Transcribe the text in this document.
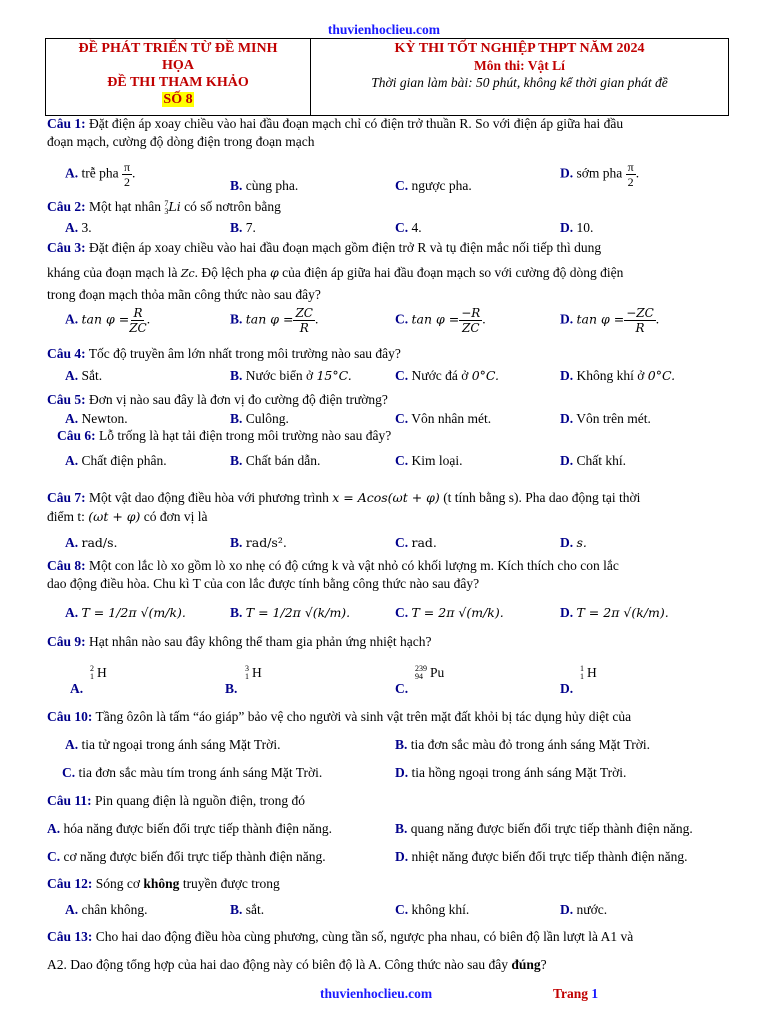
thuvienhoclieu.com
ĐỀ PHÁT TRIỂN TỪ ĐỀ MINH
HỌA
ĐỀ THI THAM KHẢO
SỐ 8
KỲ THI TỐT NGHIỆP THPT NĂM 2024
Môn thi: Vật Lí
Thời gian làm bài: 50 phút, không kể thời gian phát đề
Câu 1: Đặt điện áp xoay chiều vào hai đầu đoạn mạch chỉ có điện trở thuần R. So với điện áp giữa hai đầu
đoạn mạch, cường độ dòng điện trong đoạn mạch
A. trễ pha $\frac{\pi}{2}$ .
B. cùng pha.	C. ngược pha.
D. sớm pha $\frac{\pi}{2}$ .
Câu 2: Một hạt nhân 7
3 Li có số nơtrôn bằng
A. 3.	B. 7.	C. 4.	D. 10.
Câu 3: Đặt điện áp xoay chiều vào hai đầu đoạn mạch gồm điện trở R và tụ điện mắc nối tiếp thì dung
kháng của đoạn mạch là Zc. Độ lệch pha φ của điện áp giữa hai đầu đoạn mạch so với cường độ dòng điện
trong đoạn mạch thỏa mãn công thức nào sau đây?
A. $\tan \varphi = \frac{R}{ZC}$ .	B. $\tan \varphi = \frac{ZC}{R}$ .	C. $\tan \varphi = \frac{-R}{ZC}$ .	D. $\tan \varphi = \frac{-ZC}{R}$ .
Câu 4: Tốc độ truyền âm lớn nhất trong môi trường nào sau đây?
A. Sắt.	B. Nước biển ở 15°C.	C. Nước đá ở 0°C.	D. Không khí ở 0°C.
Câu 5: Đơn vị nào sau đây là đơn vị đo cường độ điện trường?
A. Newton.	B. Culông.	C. Vôn nhân mét.	D. Vôn trên mét.
Câu 6: Lỗ trống là hạt tải điện trong môi trường nào sau đây?
A. Chất điện phân.	B. Chất bán dẫn.	C. Kim loại.	D. Chất khí.
Câu 7: Một vật dao động điều hòa với phương trình x = Acos(ωt + φ) (t tính bằng s). Pha dao động tại thời
điểm t: (ωt + φ) có đơn vị là
A. rad/s.	B. rad/s².	C. rad.	D. s.
Câu 8: Một con lắc lò xo gồm lò xo nhẹ có độ cứng k và vật nhỏ có khối lượng m. Kích thích cho con lắc
dao động điều hòa. Chu kì T của con lắc được tính bằng công thức nào sau đây?
A. T = 1/2π √(m/k).	B. T = 1/2π √(k/m).	C. T = 2π √(m/k).	D. T = 2π √(k/m).
Câu 9: Hạt nhân nào sau đây không thể tham gia phản ứng nhiệt hạch?
2
1 H
A.
3
1 H
B.
239
94 Pu
C.
1
1 H
D.
Câu 10: Tầng ôzôn là tấm “áo giáp” bảo vệ cho người và sinh vật trên mặt đất khỏi bị tác dụng hủy diệt của
A. tia tử ngoại trong ánh sáng Mặt Trời.	B. tia đơn sắc màu đỏ trong ánh sáng Mặt Trời.
C. tia đơn sắc màu tím trong ánh sáng Mặt Trời.	D. tia hồng ngoại trong ánh sáng Mặt Trời.
Câu 11: Pin quang điện là nguồn điện, trong đó
A. hóa năng được biến đổi trực tiếp thành điện năng.	B. quang năng được biến đổi trực tiếp thành điện năng.
C. cơ năng được biến đổi trực tiếp thành điện năng.	D. nhiệt năng được biến đổi trực tiếp thành điện năng.
Câu 12: Sóng cơ không truyền được trong
A. chân không.	B. sắt.	C. không khí.	D. nước.
Câu 13: Cho hai dao động điều hòa cùng phương, cùng tần số, ngược pha nhau, có biên độ lần lượt là A1 và
A2. Dao động tổng hợp của hai dao động này có biên độ là A. Công thức nào sau đây đúng?
thuvienhoclieu.com	Trang 1
